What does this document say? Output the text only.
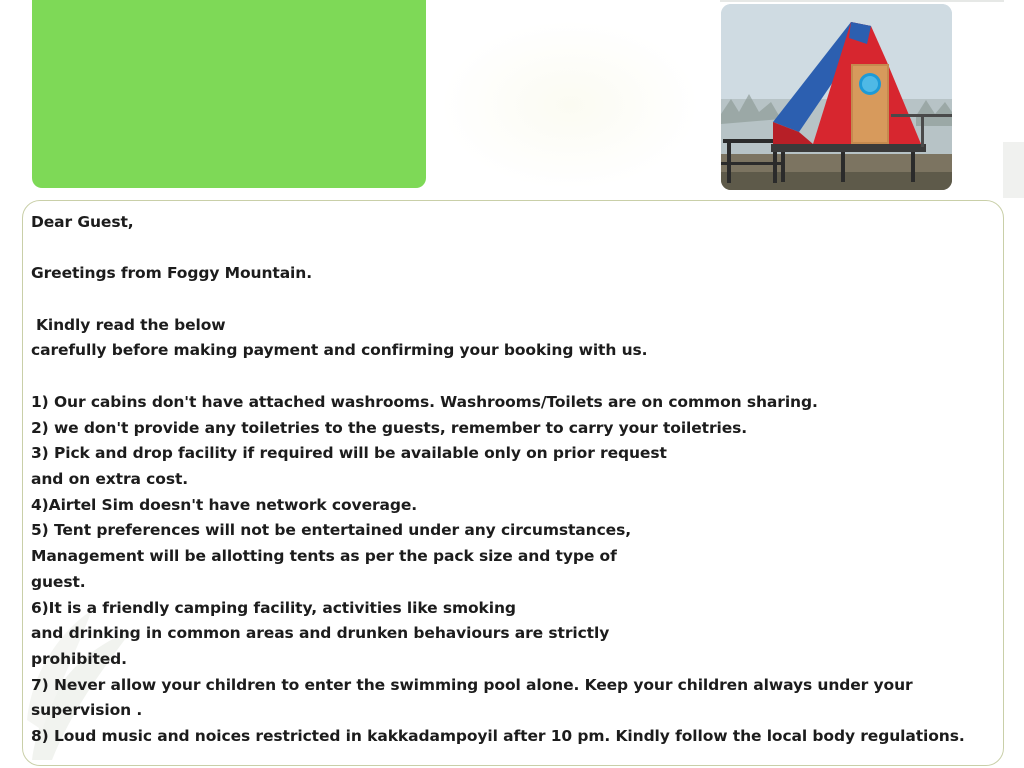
Dear Guest,

Greetings from Foggy Mountain.

Kindly read the below

carefully before making payment and confirming your booking with us.

1) Our cabins don't have attached washrooms. Washrooms/Toilets are on common sharing.

2) we don't provide any toiletries to the guests, remember to carry your toiletries.

3) Pick and drop facility if required will be available only on prior request

and on extra cost.

4)Airtel Sim doesn't have network coverage.

5) Tent preferences will not be entertained under any circumstances,

Management will be allotting tents as per the pack size and type of

guest.

6)It is a friendly camping facility, activities like smoking

and drinking in common areas and drunken behaviours are strictly

prohibited.

7) Never allow your children to enter the swimming pool alone. Keep your children always under your

supervision .

8) Loud music and noices restricted in kakkadampoyil after 10 pm. Kindly follow the local body regulations.
